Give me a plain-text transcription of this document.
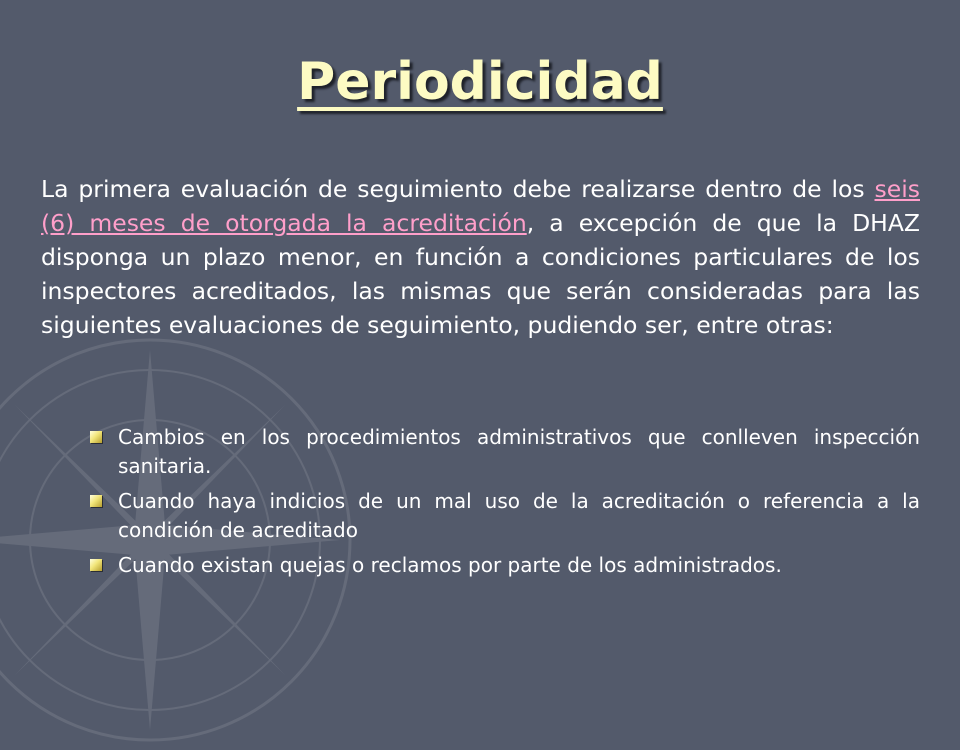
Periodicidad

La primera evaluación de seguimiento debe realizarse dentro de los seis (6) meses de otorgada la acreditación, a excepción de que la DHAZ disponga un plazo menor, en función a condiciones particulares de los inspectores acreditados, las mismas que serán consideradas para las siguientes evaluaciones de seguimiento, pudiendo ser, entre otras:

Cambios en los procedimientos administrativos que conlleven inspección sanitaria.
Cuando haya indicios de un mal uso de la acreditación o referencia a la condición de acreditado
Cuando existan quejas o reclamos por parte de los administrados.
